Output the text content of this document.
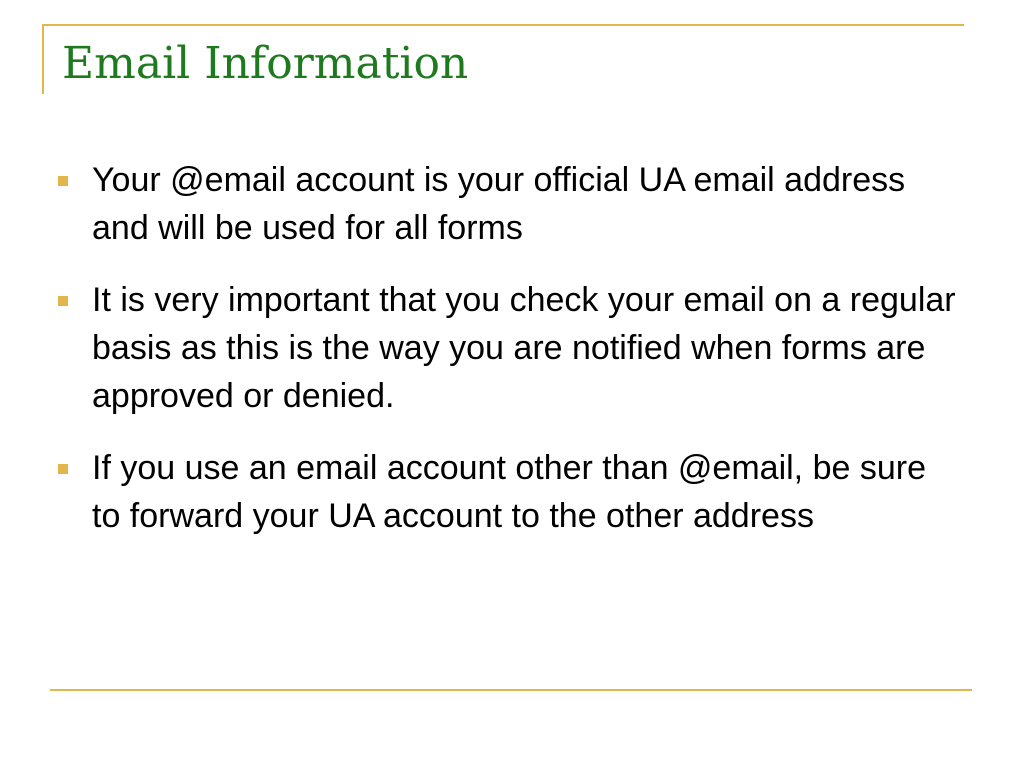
Email Information
Your @email account is your official UA email address and will be used for all forms
It is very important that you check your email on a regular basis as this is the way you are notified when forms are approved or denied.
If you use an email account other than @email, be sure to forward your UA account to the other address
